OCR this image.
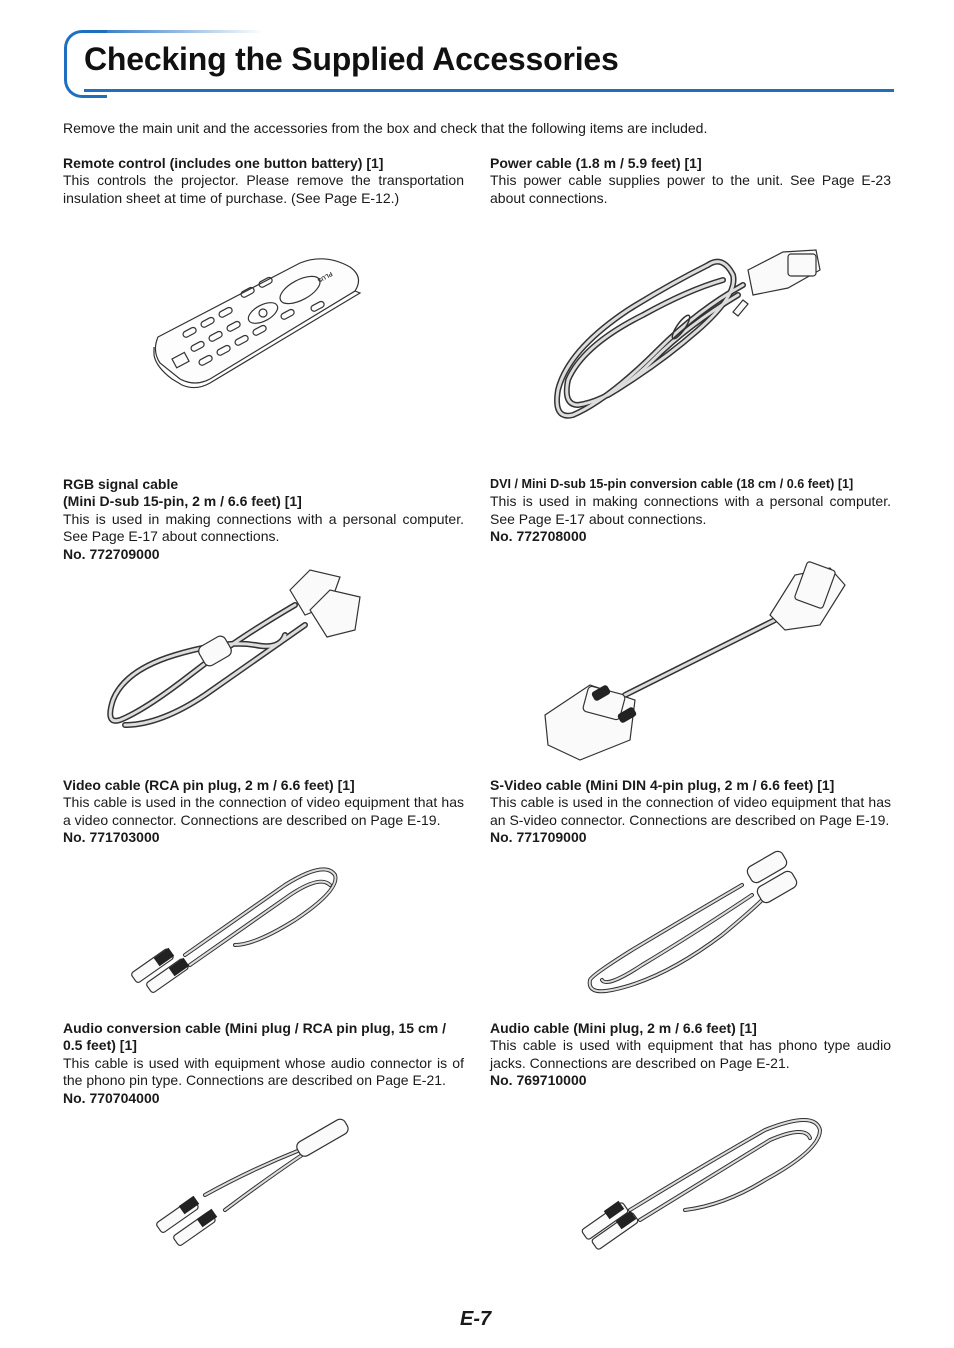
Checking the Supplied Accessories
Remove the main unit and the accessories from the box and check that the following items are included.
Remote control (includes one button battery) [1]
This controls the projector. Please remove the transportation insulation sheet at time of purchase. (See Page E-12.)
PLUS
Power cable (1.8 m / 5.9 feet) [1]
This power cable supplies power to the unit. See Page E-23 about connections.
RGB signal cable
(Mini D-sub 15-pin, 2 m / 6.6 feet) [1]
This is used in making connections with a personal computer. See Page E-17 about connections.
No. 772709000
DVI / Mini D-sub 15-pin conversion cable (18 cm / 0.6 feet) [1]
This is used in making connections with a personal computer. See Page E-17 about connections.
No. 772708000
Video cable (RCA pin plug, 2 m / 6.6 feet) [1]
This cable is used in the connection of video equipment that has a video connector. Connections are described on Page E-19.
No. 771703000
S-Video cable (Mini DIN 4-pin plug, 2 m / 6.6 feet) [1]
This cable is used in the connection of video equipment that has an S-video connector. Connections are described on Page E-19.
No. 771709000
Audio conversion cable (Mini plug / RCA pin plug, 15 cm / 0.5 feet) [1]
This cable is used with equipment whose audio connector is of the phono pin type. Connections are described on Page E-21.
No. 770704000
Audio cable (Mini plug, 2 m / 6.6 feet) [1]
This cable is used with equipment that has phono type audio jacks. Connections are described on Page E-21.
No. 769710000
E-7
